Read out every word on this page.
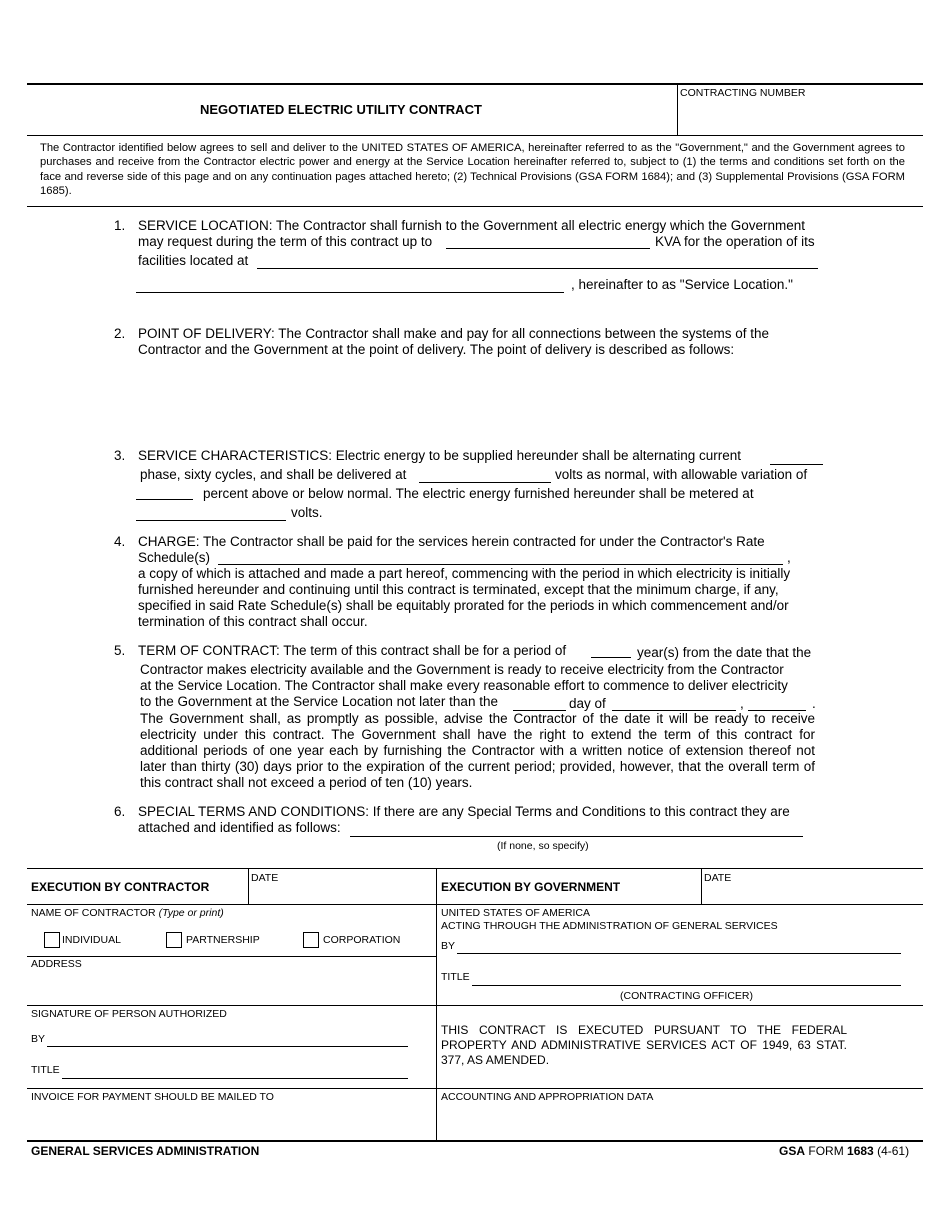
NEGOTIATED ELECTRIC UTILITY CONTRACT
CONTRACTING NUMBER
The Contractor identified below agrees to sell and deliver to the UNITED STATES OF AMERICA, hereinafter referred to as the "Government," and the Government agrees to purchases and receive from the Contractor electric power and energy at the Service Location hereinafter referred to, subject to (1) the terms and conditions set forth on the face and reverse side of this page and on any continuation pages attached hereto; (2) Technical Provisions (GSA FORM 1684); and (3) Supplemental Provisions (GSA FORM 1685).
1. SERVICE LOCATION: The Contractor shall furnish to the Government all electric energy which the Government
may request during the term of this contract up to	KVA for the operation of its
facilities located at
, hereinafter to as "Service Location."
2. POINT OF DELIVERY: The Contractor shall make and pay for all connections between the systems of the
Contractor and the Government at the point of delivery. The point of delivery is described as follows:
3. SERVICE CHARACTERISTICS: Electric energy to be supplied hereunder shall be alternating current
phase, sixty cycles, and shall be delivered at	volts as normal, with allowable variation of
percent above or below normal. The electric energy furnished hereunder shall be metered at
volts.
4. CHARGE: The Contractor shall be paid for the services herein contracted for under the Contractor's Rate
Schedule(s)	,
a copy of which is attached and made a part hereof, commencing with the period in which electricity is initially furnished hereunder and continuing until this contract is terminated, except that the minimum charge, if any, specified in said Rate Schedule(s) shall be equitably prorated for the periods in which commencement and/or termination of this contract shall occur.
5. TERM OF CONTRACT: The term of this contract shall be for a period of	year(s) from the date that the
Contractor makes electricity available and the Government is ready to receive electricity from the Contractor
at the Service Location. The Contractor shall make every reasonable effort to commence to deliver electricity
to the Government at the Service Location not later than the	day of	,	.
The Government shall, as promptly as possible, advise the Contractor of the date it will be ready to receive electricity under this contract. The Government shall have the right to extend the term of this contract for additional periods of one year each by furnishing the Contractor with a written notice of extension thereof not later than thirty (30) days prior to the expiration of the current period; provided, however, that the overall term of this contract shall not exceed a period of ten (10) years.
6. SPECIAL TERMS AND CONDITIONS: If there are any Special Terms and Conditions to this contract they are
attached and identified as follows:
(If none, so specify)
EXECUTION BY CONTRACTOR
DATE
NAME OF CONTRACTOR (Type or print)
INDIVIDUAL	PARTNERSHIP	CORPORATION
ADDRESS
SIGNATURE OF PERSON AUTHORIZED
BY
TITLE
INVOICE FOR PAYMENT SHOULD BE MAILED TO
EXECUTION BY GOVERNMENT
DATE
UNITED STATES OF AMERICA
ACTING THROUGH THE ADMINISTRATION OF GENERAL SERVICES
BY
TITLE
(CONTRACTING OFFICER)
THIS CONTRACT IS EXECUTED PURSUANT TO THE FEDERAL PROPERTY AND ADMINISTRATIVE SERVICES ACT OF 1949, 63 STAT. 377, AS AMENDED.
ACCOUNTING AND APPROPRIATION DATA
GENERAL SERVICES ADMINISTRATION	GSA FORM 1683 (4-61)
